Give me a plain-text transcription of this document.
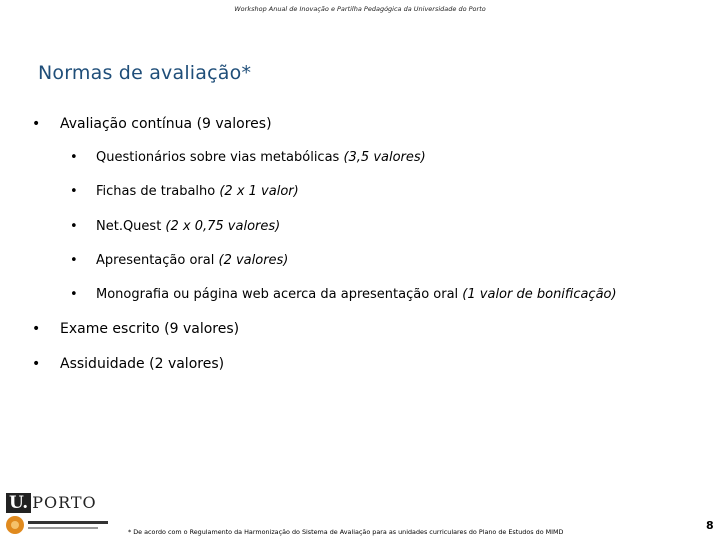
Workshop Anual de Inovação e Partilha Pedagógica da Universidade do Porto
Normas de avaliação*
•	Avaliação contínua (9 valores)
•	Questionários sobre vias metabólicas (3,5 valores)
•	Fichas de trabalho (2 x 1 valor)
•	Net.Quest (2 x 0,75 valores)
•	Apresentação oral (2 valores)
•	Monografia ou página web acerca da apresentação oral (1 valor de bonificação)
•	Exame escrito (9 valores)
•	Assiduidade (2 valores)
U. PORTO
* De acordo com o Regulamento da Harmonização do Sistema de Avaliação para as unidades curriculares do Plano de Estudos do MIMD	8
